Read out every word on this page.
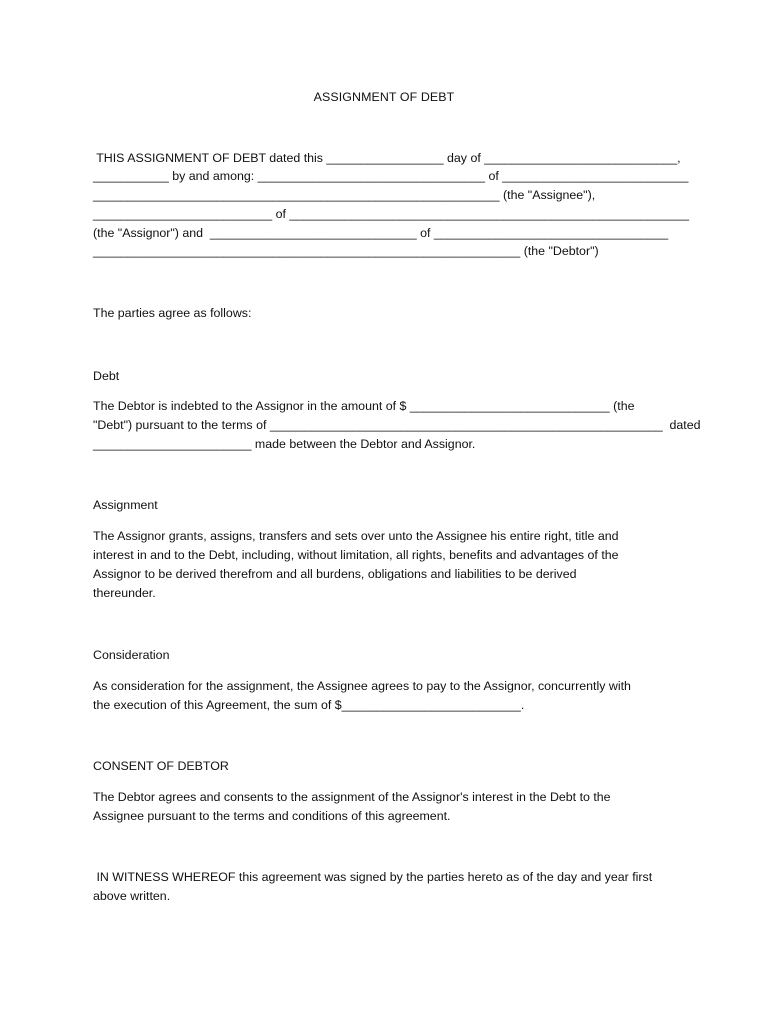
ASSIGNMENT OF DEBT
THIS ASSIGNMENT OF DEBT dated this _________________ day of ____________________________,
___________ by and among: _________________________________ of ___________________________
___________________________________________________________ (the "Assignee"),
__________________________ of __________________________________________________________
(the "Assignor") and  ______________________________ of __________________________________
______________________________________________________________ (the "Debtor")
The parties agree as follows:
Debt
The Debtor is indebted to the Assignor in the amount of $ _____________________________ (the
"Debt") pursuant to the terms of _________________________________________________________  dated
_______________________ made between the Debtor and Assignor.
Assignment
The Assignor grants, assigns, transfers and sets over unto the Assignee his entire right, title and
interest in and to the Debt, including, without limitation, all rights, benefits and advantages of the
Assignor to be derived therefrom and all burdens, obligations and liabilities to be derived
thereunder.
Consideration
As consideration for the assignment, the Assignee agrees to pay to the Assignor, concurrently with
the execution of this Agreement, the sum of $__________________________.
CONSENT OF DEBTOR
The Debtor agrees and consents to the assignment of the Assignor's interest in the Debt to the
Assignee pursuant to the terms and conditions of this agreement.
IN WITNESS WHEREOF this agreement was signed by the parties hereto as of the day and year first
above written.
